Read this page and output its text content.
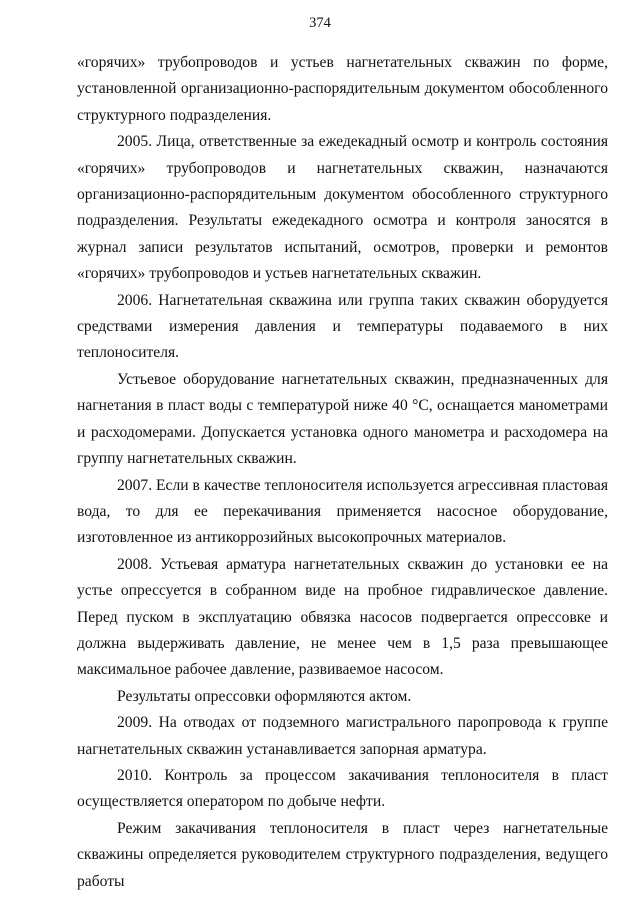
374

«горячих» трубопроводов и устьев нагнетательных скважин по форме, установленной организационно-распорядительным документом обособленного структурного подразделения.

2005. Лица, ответственные за ежедекадный осмотр и контроль состояния «горячих» трубопроводов и нагнетательных скважин, назначаются организационно-распорядительным документом обособленного структурного подразделения. Результаты ежедекадного осмотра и контроля заносятся в журнал записи результатов испытаний, осмотров, проверки и ремонтов «горячих» трубопроводов и устьев нагнетательных скважин.

2006. Нагнетательная скважина или группа таких скважин оборудуется средствами измерения давления и температуры подаваемого в них теплоносителя.

Устьевое оборудование нагнетательных скважин, предназначенных для нагнетания в пласт воды с температурой ниже 40 °С, оснащается манометрами и расходомерами. Допускается установка одного манометра и расходомера на группу нагнетательных скважин.

2007. Если в качестве теплоносителя используется агрессивная пластовая вода, то для ее перекачивания применяется насосное оборудование, изготовленное из антикоррозийных высокопрочных материалов.

2008. Устьевая арматура нагнетательных скважин до установки ее на устье опрессуется в собранном виде на пробное гидравлическое давление. Перед пуском в эксплуатацию обвязка насосов подвергается опрессовке и должна выдерживать давление, не менее чем в 1,5 раза превышающее максимальное рабочее давление, развиваемое насосом.

Результаты опрессовки оформляются актом.

2009. На отводах от подземного магистрального паропровода к группе нагнетательных скважин устанавливается запорная арматура.

2010. Контроль за процессом закачивания теплоносителя в пласт осуществляется оператором по добыче нефти.

Режим закачивания теплоносителя в пласт через нагнетательные скважины определяется руководителем структурного подразделения, ведущего работы
